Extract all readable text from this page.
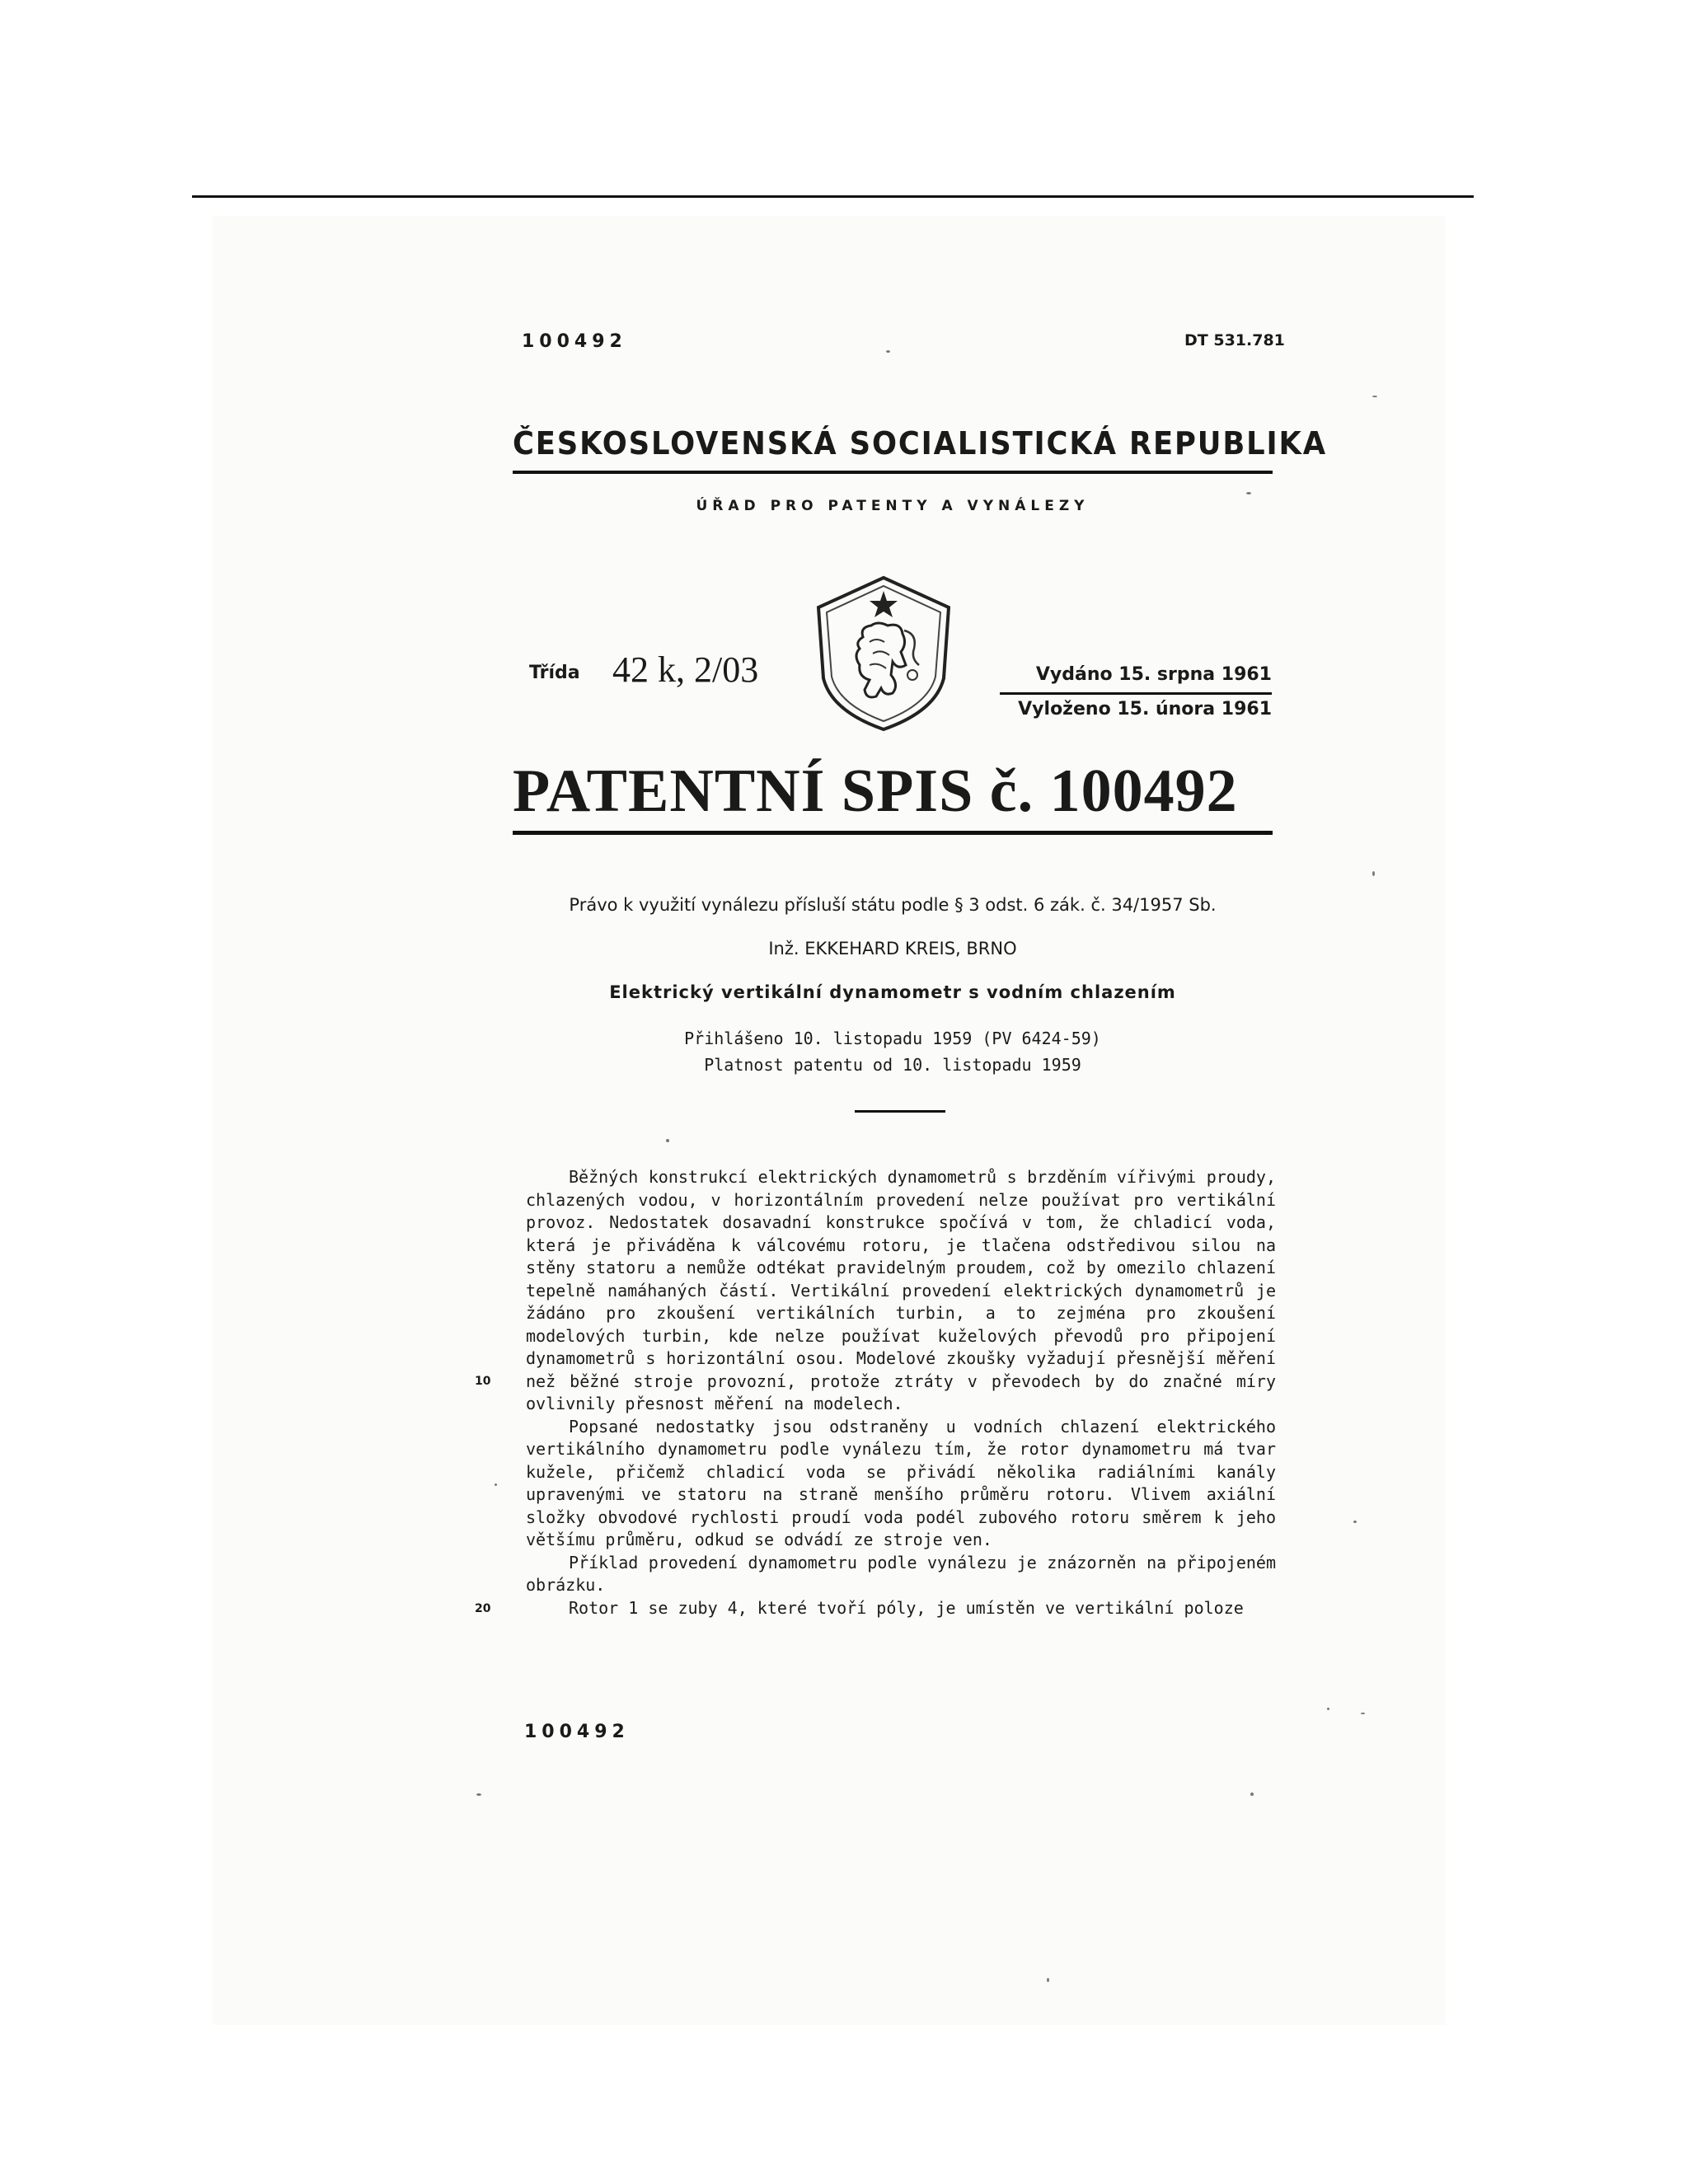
100492	DT 531.781
ČESKOSLOVENSKÁ SOCIALISTICKÁ REPUBLIKA
ÚŘAD PRO PATENTY A VYNÁLEZY
Třída 42 k, 2/03	Vydáno 15. srpna 1961
Vyloženo 15. února 1961
PATENTNÍ SPIS č. 100492
Právo k využití vynálezu přísluší státu podle § 3 odst. 6 zák. č. 34/1957 Sb.
Inž. EKKEHARD KREIS, BRNO
Elektrický vertikální dynamometr s vodním chlazením
Přihlášeno 10. listopadu 1959 (PV 6424-59)
Platnost patentu od 10. listopadu 1959

Běžných konstrukcí elektrických dynamometrů s brzděním vířivými proudy, chlazených vodou, v horizontálním provedení nelze používat pro vertikální provoz. Nedostatek dosavadní konstrukce spočívá v tom, že chladicí voda, která je přiváděna k válcovému rotoru, je tlačena odstředivou silou na stěny statoru a nemůže odtékat pravidelným proudem, což by omezilo chlazení tepelně namáhaných částí. Vertikální provedení elektrických dynamometrů je žádáno pro zkoušení vertikálních turbin, a to zejména pro zkoušení modelových turbin, kde nelze používat kuželových převodů pro připojení dynamometrů s horizontální osou. Modelové zkoušky vyžadují přesnější měření než běžné stroje provozní, protože ztráty v převodech by do značné míry ovlivnily přesnost měření na modelech.

Popsané nedostatky jsou odstraněny u vodních chlazení elektrického vertikálního dynamometru podle vynálezu tím, že rotor dynamometru má tvar kužele, přičemž chladicí voda se přivádí několika radiálními kanály upravenými ve statoru na straně menšího průměru rotoru. Vlivem axiální složky obvodové rychlosti proudí voda podél zubového rotoru směrem k jeho většímu průměru, odkud se odvádí ze stroje ven.

Příklad provedení dynamometru podle vynálezu je znázorněn na připojeném obrázku.

Rotor 1 se zuby 4, které tvoří póly, je umístěn ve vertikální poloze

10
20
100492
